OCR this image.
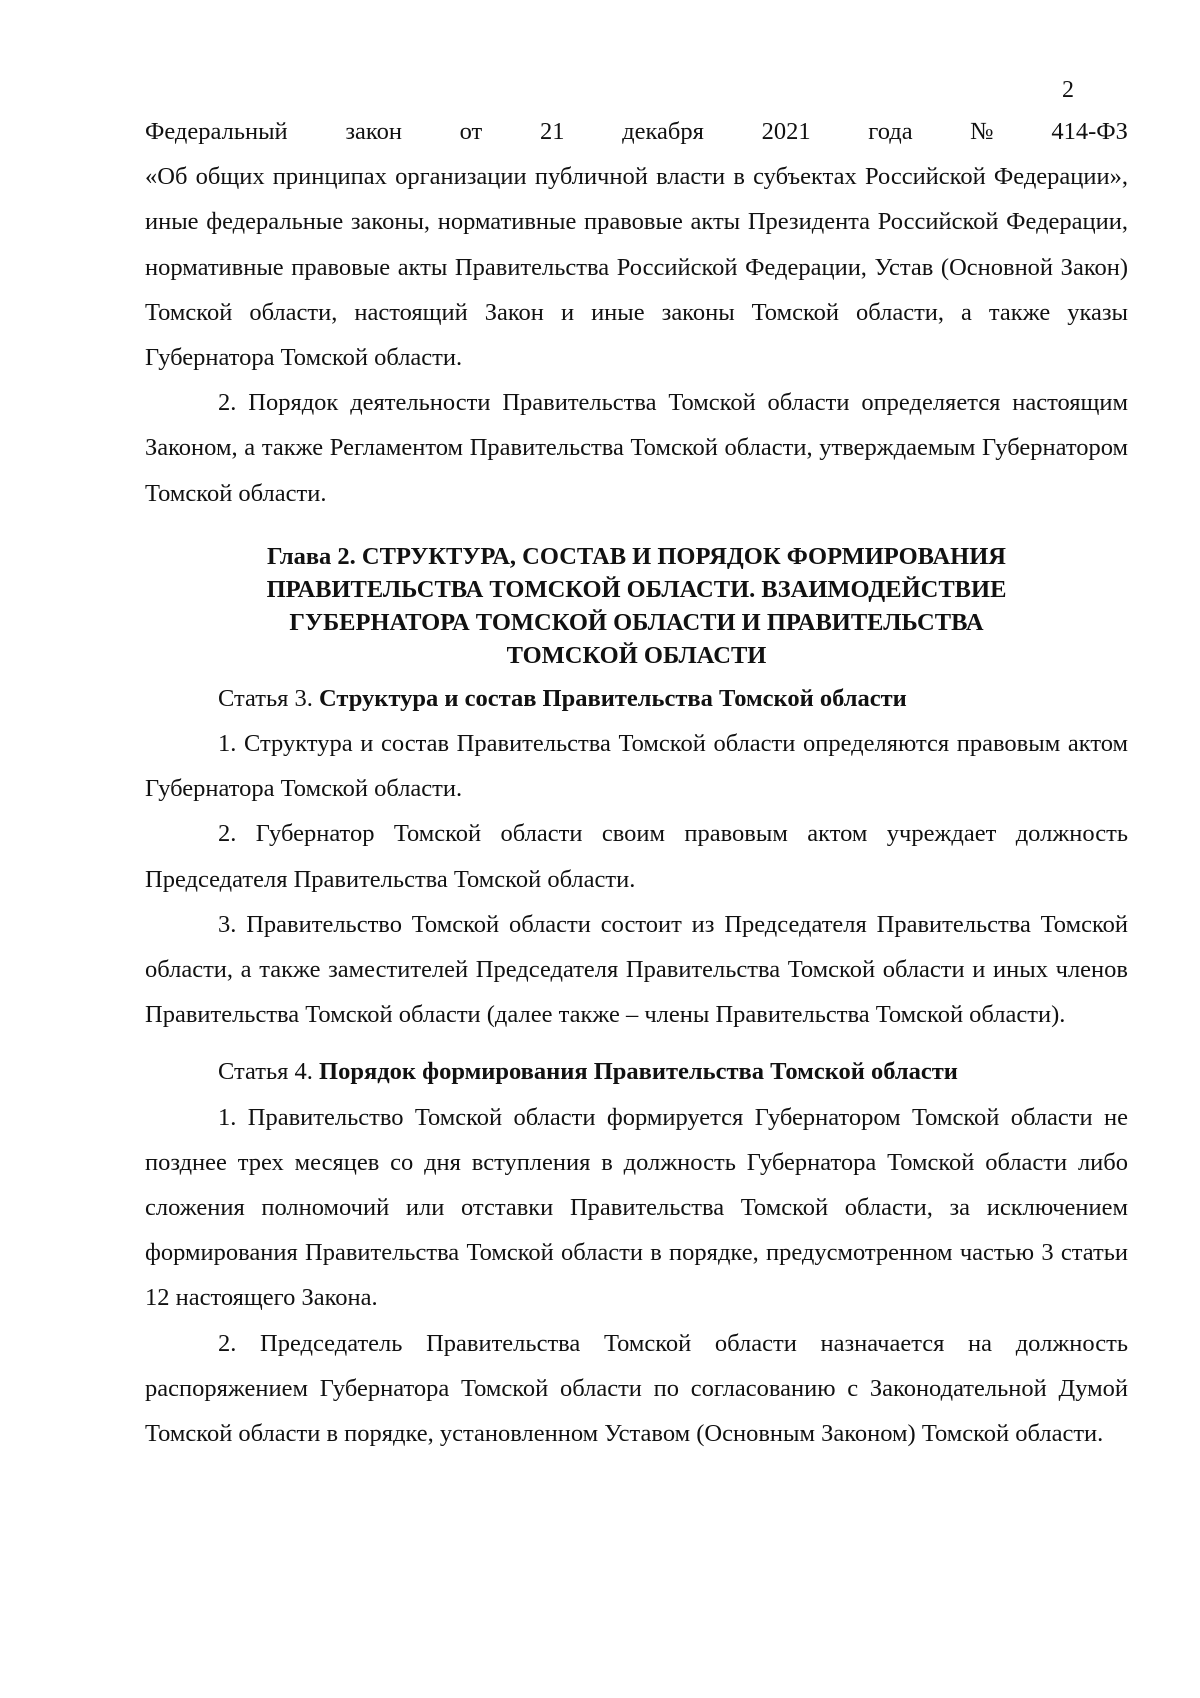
2
Федеральный закон от 21 декабря 2021 года № 414-ФЗ

«Об общих принципах организации публичной власти в субъектах Российской Федерации», иные федеральные законы, нормативные правовые акты Президента Российской Федерации, нормативные правовые акты Правительства Российской Федерации, Устав (Основной Закон) Томской области, настоящий Закон и иные законы Томской области, а также указы Губернатора Томской области.

2. Порядок деятельности Правительства Томской области определяется настоящим Законом, а также Регламентом Правительства Томской области, утверждаемым Губернатором Томской области.

Глава 2. СТРУКТУРА, СОСТАВ И ПОРЯДОК ФОРМИРОВАНИЯ
ПРАВИТЕЛЬСТВА ТОМСКОЙ ОБЛАСТИ. ВЗАИМОДЕЙСТВИЕ
ГУБЕРНАТОРА ТОМСКОЙ ОБЛАСТИ И ПРАВИТЕЛЬСТВА
ТОМСКОЙ ОБЛАСТИ
Статья 3. Структура и состав Правительства Томской области

1. Структура и состав Правительства Томской области определяются правовым актом Губернатора Томской области.

2. Губернатор Томской области своим правовым актом учреждает должность Председателя Правительства Томской области.

3. Правительство Томской области состоит из Председателя Правительства Томской области, а также заместителей Председателя Правительства Томской области и иных членов Правительства Томской области (далее также – члены Правительства Томской области).

Статья 4. Порядок формирования Правительства Томской области

1. Правительство Томской области формируется Губернатором Томской области не позднее трех месяцев со дня вступления в должность Губернатора Томской области либо сложения полномочий или отставки Правительства Томской области, за исключением формирования Правительства Томской области в порядке, предусмотренном частью 3 статьи 12 настоящего Закона.

2. Председатель Правительства Томской области назначается на должность распоряжением Губернатора Томской области по согласованию с Законодательной Думой Томской области в порядке, установленном Уставом (Основным Законом) Томской области.
